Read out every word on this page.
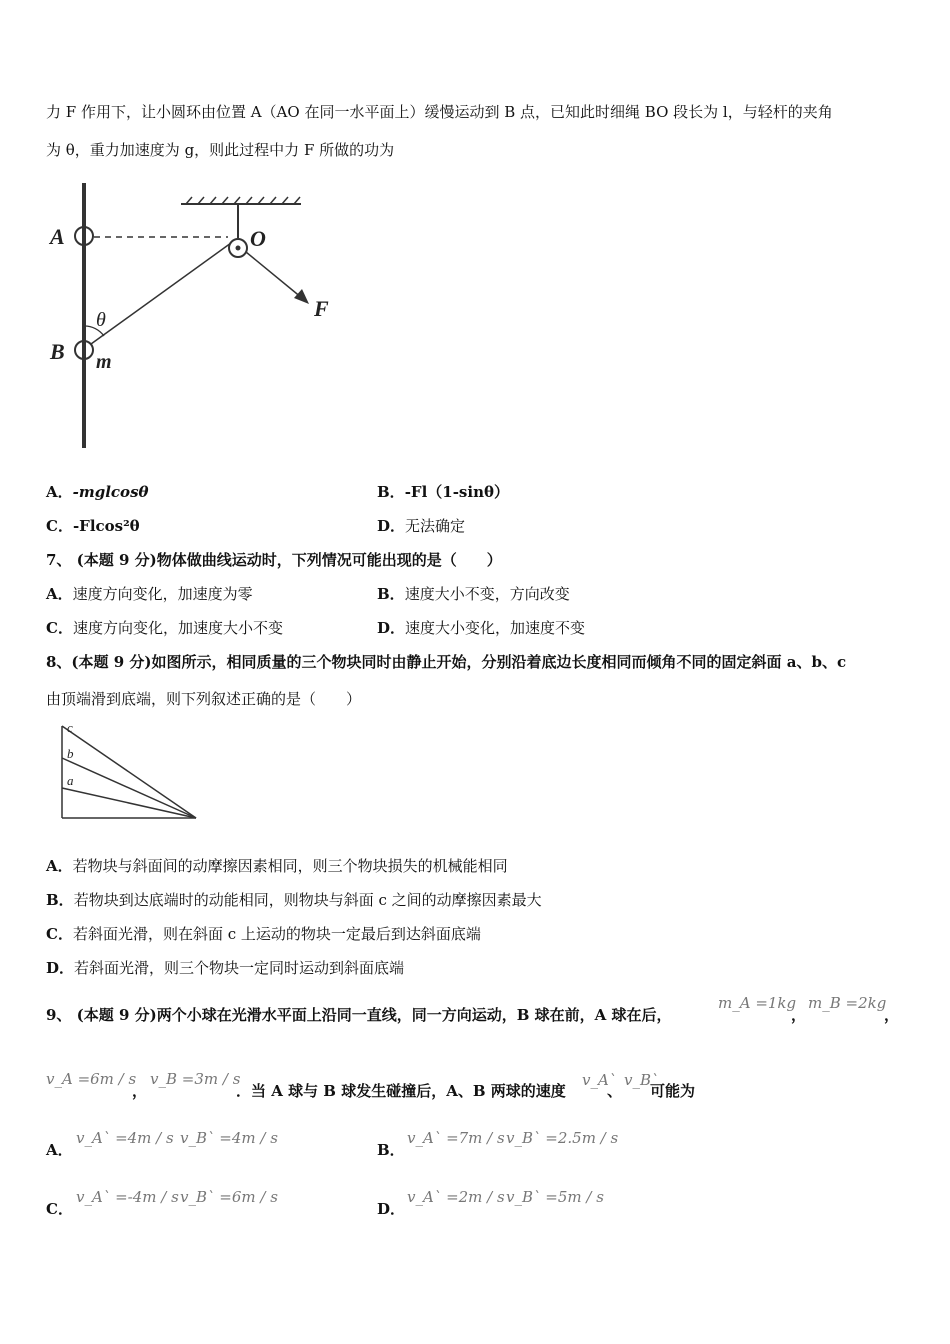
力 F 作用下，让小圆环由位置 A（AO 在同一水平面上）缓慢运动到 B 点，已知此时细绳 BO 段长为 l，与轻杆的夹角
为 θ，重力加速度为 g，则此过程中力 F 所做的功为
A	O
F
θ
B m
A．-mglcosθ	B．-Fl（1-sinθ）
C．-Flcos²θ	D．无法确定
7、 (本题 9 分)物体做曲线运动时，下列情况可能出现的是（　　）
A．速度方向变化，加速度为零	B．速度大小不变，方向改变
C．速度方向变化，加速度大小不变	D．速度大小变化，加速度不变
8、(本题 9 分)如图所示，相同质量的三个物块同时由静止开始，分别沿着底边长度相同而倾角不同的固定斜面 a、b、c
由顶端滑到底端，则下列叙述正确的是（　　）
c
b
a
A．若物块与斜面间的动摩擦因素相同，则三个物块损失的机械能相同
B．若物块到达底端时的动能相同，则物块与斜面 c 之间的动摩擦因素最大
C．若斜面光滑，则在斜面 c 上运动的物块一定最后到达斜面底端
D．若斜面光滑，则三个物块一定同时运动到斜面底端
9、 (本题 9 分)两个小球在光滑水平面上沿同一直线，同一方向运动，B 球在前，A 球在后，
m_A =1kg
，
m_B =2kg
，
v_A =6m / s
，
v_B =3m / s
．当 A 球与 B 球发生碰撞后，A、B 两球的速度
v_A`
、
v_B`
可能为
A．
v_A` =4m / s v_B` =4m / s
B．
v_A` =7m / s v_B` =2.5m / s
C．
v_A` =-4m / s v_B` =6m / s
D．
v_A` =2m / s v_B` =5m / s
